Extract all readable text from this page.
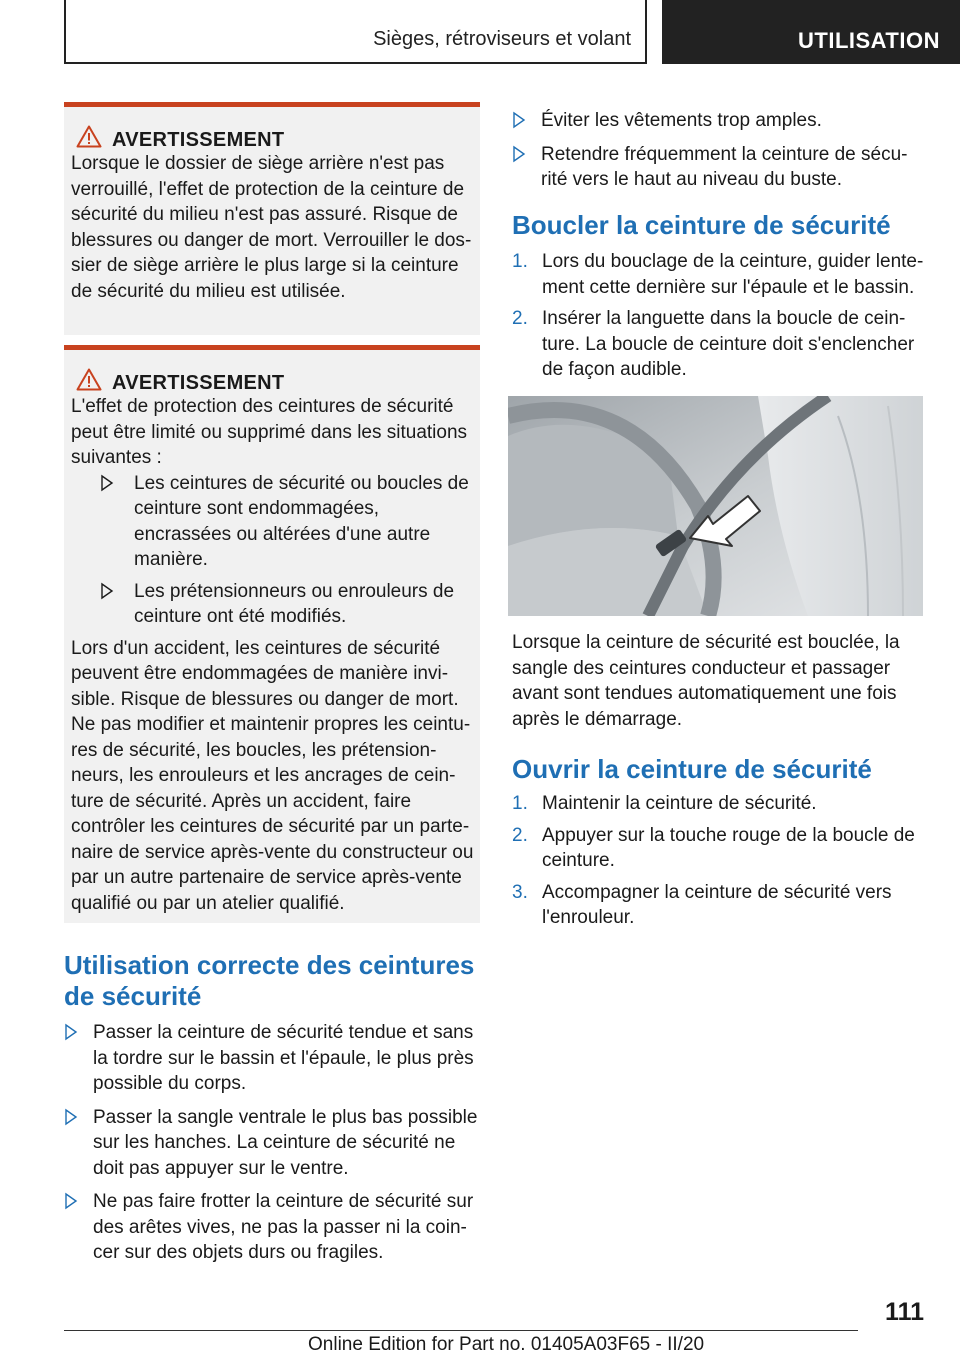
Sièges, rétroviseurs et volant	UTILISATION
AVERTISSEMENT

Lorsque le dossier de siège arrière n'est pas verrouillé, l'effet de protection de la ceinture de sécurité du milieu n'est pas assuré. Risque de blessures ou danger de mort. Verrouiller le dossier de siège arrière le plus large si la ceinture de sécurité du milieu est utilisée.

AVERTISSEMENT

L'effet de protection des ceintures de sécurité peut être limité ou supprimé dans les situations suivantes :

Les ceintures de sécurité ou boucles de ceinture sont endommagées, encrassées ou altérées d'une autre manière.
Les prétensionneurs ou enrouleurs de ceinture ont été modifiés.

Lors d'un accident, les ceintures de sécurité peuvent être endommagées de manière invisible. Risque de blessures ou danger de mort. Ne pas modifier et maintenir propres les ceintures de sécurité, les boucles, les prétensionneurs, les enrouleurs et les ancrages de ceinture de sécurité. Après un accident, faire contrôler les ceintures de sécurité par un partenaire de service après-vente du constructeur ou par un autre partenaire de service après-vente qualifié ou par un atelier qualifié.

Utilisation correcte des ceintures de sécurité
Passer la ceinture de sécurité tendue et sans la tordre sur le bassin et l'épaule, le plus près possible du corps.
Passer la sangle ventrale le plus bas possible sur les hanches. La ceinture de sécurité ne doit pas appuyer sur le ventre.
Ne pas faire frotter la ceinture de sécurité sur des arêtes vives, ne pas la passer ni la coincer sur des objets durs ou fragiles.
Éviter les vêtements trop amples.
Retendre fréquemment la ceinture de sécurité vers le haut au niveau du buste.
Boucler la ceinture de sécurité
1. Lors du bouclage de la ceinture, guider lentement cette dernière sur l'épaule et le bassin.
2. Insérer la languette dans la boucle de ceinture. La boucle de ceinture doit s'enclencher de façon audible.

Lorsque la ceinture de sécurité est bouclée, la sangle des ceintures conducteur et passager avant sont tendues automatiquement une fois après le démarrage.

Ouvrir la ceinture de sécurité
1. Maintenir la ceinture de sécurité.
2. Appuyer sur la touche rouge de la boucle de ceinture.
3. Accompagner la ceinture de sécurité vers l'enrouleur.
111
Online Edition for Part no. 01405A03F65 - II/20
